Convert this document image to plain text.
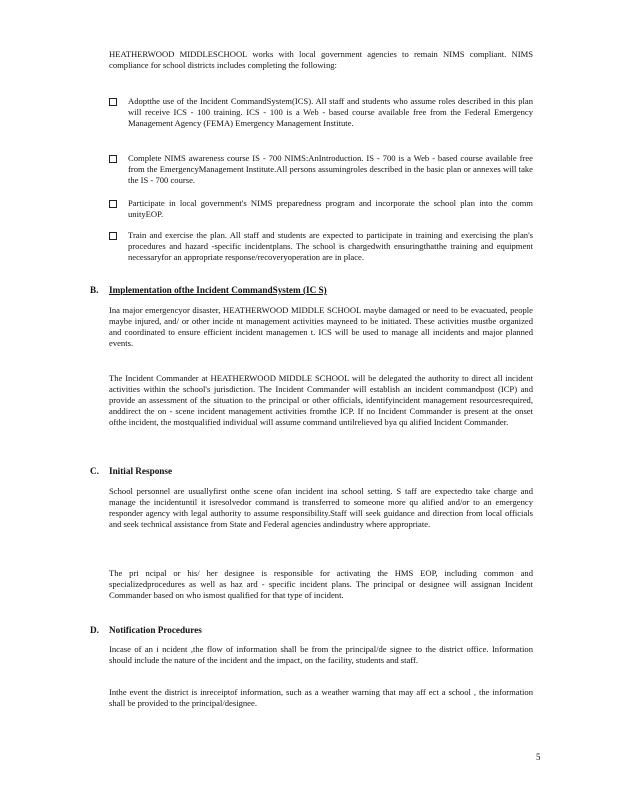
HEATHERWOOD MIDDLESCHOOL works with local government agencies to remain NIMS compliant. NIMS compliance for school districts includes completing the following:

Adoptthe use of the Incident CommandSystem(ICS). All staff and students who assume roles described in this plan will receive ICS - 100 training. ICS - 100 is a Web - based course available free from the Federal Emergency Management Agency (FEMA) Emergency Management Institute.

Complete NIMS awareness course IS - 700 NIMS:AnIntroduction. IS - 700 is a Web - based course available free from the EmergencyManagement Institute.All persons assumingroles described in the basic plan or annexes will take the IS - 700 course.

Participate in local government's NIMS preparedness program and incorporate the school plan into the comm unityEOP.

Train and exercise the plan. All staff and students are expected to participate in training and exercising the plan's procedures and hazard -specific incidentplans. The school is chargedwith ensuringthatthe training and equipment necessaryfor an appropriate response/recoveryoperation are in place.

B. Implementation ofthe Incident CommandSystem (IC S)

Ina major emergencyor disaster, HEATHERWOOD MIDDLE SCHOOL maybe damaged or need to be evacuated, people maybe injured, and/ or other incide nt management activities mayneed to be initiated. These activities mustbe organized and coordinated to ensure efficient incident managemen t. ICS will be used to manage all incidents and major planned events.

The Incident Commander at HEATHERWOOD MIDDLE SCHOOL will be delegated the authority to direct all incident activities within the school's jurisdiction. The Incident Commander will establish an incident commandpost (ICP) and provide an assessment of the situation to the principal or other officials, identifyincident management resourcesrequired, anddirect the on - scene incident management activities fromthe ICP. If no Incident Commander is present at the onset ofthe incident, the mostqualified individual will assume command untilrelieved bya qu alified Incident Commander.

C. Initial Response

School personnel are usuallyfirst onthe scene ofan incident ina school setting. S taff are expectedto take charge and manage the incidentuntil it isresolvedor command is transferred to someone more qu alified and/or to an emergency responder agency with legal authority to assume responsibility.Staff will seek guidance and direction from local officials and seek technical assistance from State and Federal agencies andindustry where appropriate.

The pri ncipal or his/ her designee is responsible for activating the HMS EOP, including common and specializedprocedures as well as haz ard - specific incident plans. The principal or designee will assignan Incident Commander based on who ismost qualified for that type of incident.

D. Notification Procedures

Incase of an i ncident ,the flow of information shall be from the principal/de signee to the district office. Information should include the nature of the incident and the impact, on the facility, students and staff.

Inthe event the district is inreceiptof information, such as a weather warning that may aff ect a school , the information shall be provided to the principal/designee.

5
